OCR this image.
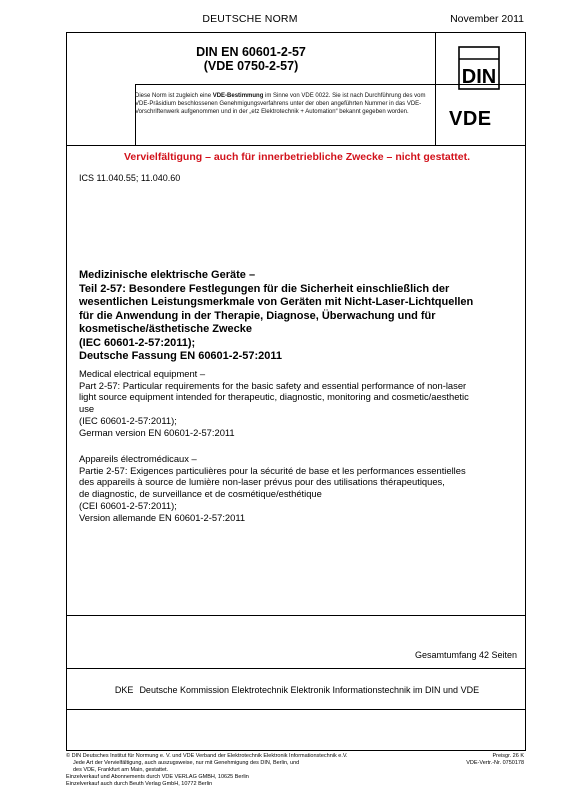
DEUTSCHE NORM	November 2011
DIN EN 60601-2-57
(VDE 0750-2-57)	DIN
VDE
Diese Norm ist zugleich eine VDE-Bestimmung im Sinne von VDE 0022. Sie ist nach Durchführung des vom VDE-Präsidium beschlossenen Genehmigungsverfahrens unter der oben angeführten Nummer in das VDE-Vorschriftenwerk aufgenommen und in der „etz Elektrotechnik + Automation“ bekannt gegeben worden.
Vervielfältigung – auch für innerbetriebliche Zwecke – nicht gestattet.
ICS 11.040.55; 11.040.60
Medizinische elektrische Geräte –
Teil 2-57: Besondere Festlegungen für die Sicherheit einschließlich der
wesentlichen Leistungsmerkmale von Geräten mit Nicht-Laser-Lichtquellen
für die Anwendung in der Therapie, Diagnose, Überwachung und für
kosmetische/ästhetische Zwecke
(IEC 60601-2-57:2011);
Deutsche Fassung EN 60601-2-57:2011
Medical electrical equipment –
Part 2-57: Particular requirements for the basic safety and essential performance of non-laser
light source equipment intended for therapeutic, diagnostic, monitoring and cosmetic/aesthetic
use
(IEC 60601-2-57:2011);
German version EN 60601-2-57:2011
Appareils électromédicaux –
Partie 2-57: Exigences particulières pour la sécurité de base et les performances essentielles
des appareils à source de lumière non-laser prévus pour des utilisations thérapeutiques,
de diagnostic, de surveillance et de cosmétique/esthétique
(CEI 60601-2-57:2011);
Version allemande EN 60601-2-57:2011
Gesamtumfang 42 Seiten
DKE Deutsche Kommission Elektrotechnik Elektronik Informationstechnik im DIN und VDE
© DIN Deutsches Institut für Normung e. V. und VDE Verband der Elektrotechnik Elektronik Informationstechnik e.V.
Jede Art der Vervielfältigung, auch auszugsweise, nur mit Genehmigung des DIN, Berlin, und
des VDE, Frankfurt am Main, gestattet.
Einzelverkauf und Abonnements durch VDE VERLAG GMBH, 10625 Berlin
Einzelverkauf auch durch Beuth Verlag GmbH, 10772 Berlin
Preisgr. 26 K
VDE-Vertr.-Nr. 0750178
